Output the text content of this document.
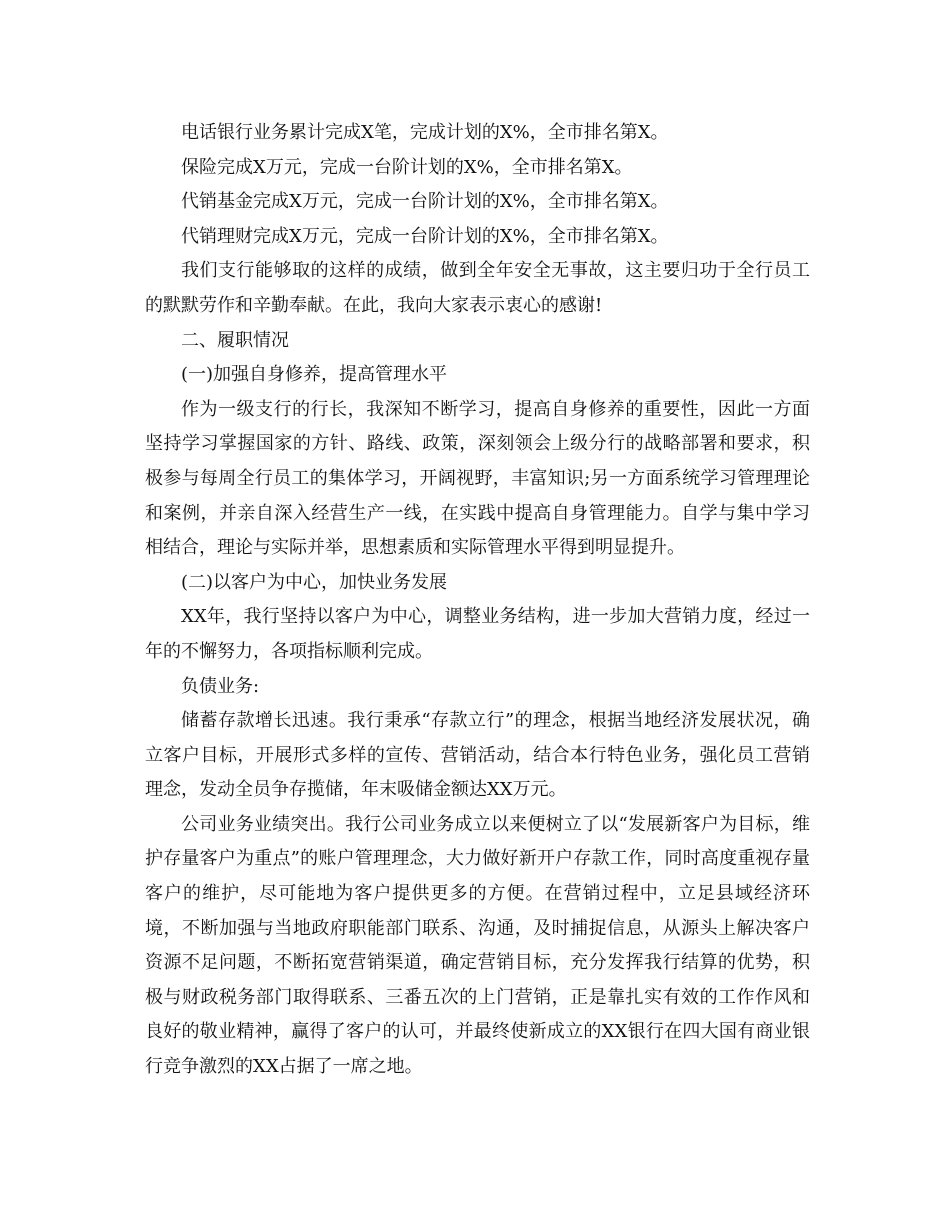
电话银行业务累计完成X笔，完成计划的X%，全市排名第X。

保险完成X万元，完成一台阶计划的X%，全市排名第X。

代销基金完成X万元，完成一台阶计划的X%，全市排名第X。

代销理财完成X万元，完成一台阶计划的X%，全市排名第X。

我们支行能够取的这样的成绩，做到全年安全无事故，这主要归功于全行员工的默默劳作和辛勤奉献。在此，我向大家表示衷心的感谢!

二、履职情况

(一)加强自身修养，提高管理水平

作为一级支行的行长，我深知不断学习，提高自身修养的重要性，因此一方面坚持学习掌握国家的方针、路线、政策，深刻领会上级分行的战略部署和要求，积极参与每周全行员工的集体学习，开阔视野，丰富知识;另一方面系统学习管理理论和案例，并亲自深入经营生产一线，在实践中提高自身管理能力。自学与集中学习相结合，理论与实际并举，思想素质和实际管理水平得到明显提升。

(二)以客户为中心，加快业务发展

XX年，我行坚持以客户为中心，调整业务结构，进一步加大营销力度，经过一年的不懈努力，各项指标顺利完成。

负债业务:

储蓄存款增长迅速。我行秉承“存款立行”的理念，根据当地经济发展状况，确立客户目标，开展形式多样的宣传、营销活动，结合本行特色业务，强化员工营销理念，发动全员争存揽储，年末吸储金额达XX万元。

公司业务业绩突出。我行公司业务成立以来便树立了以“发展新客户为目标，维护存量客户为重点”的账户管理理念，大力做好新开户存款工作，同时高度重视存量客户的维护，尽可能地为客户提供更多的方便。在营销过程中，立足县域经济环境，不断加强与当地政府职能部门联系、沟通，及时捕捉信息，从源头上解决客户资源不足问题，不断拓宽营销渠道，确定营销目标，充分发挥我行结算的优势，积极与财政税务部门取得联系、三番五次的上门营销，正是靠扎实有效的工作作风和良好的敬业精神，赢得了客户的认可，并最终使新成立的XX银行在四大国有商业银行竞争激烈的XX占据了一席之地。
